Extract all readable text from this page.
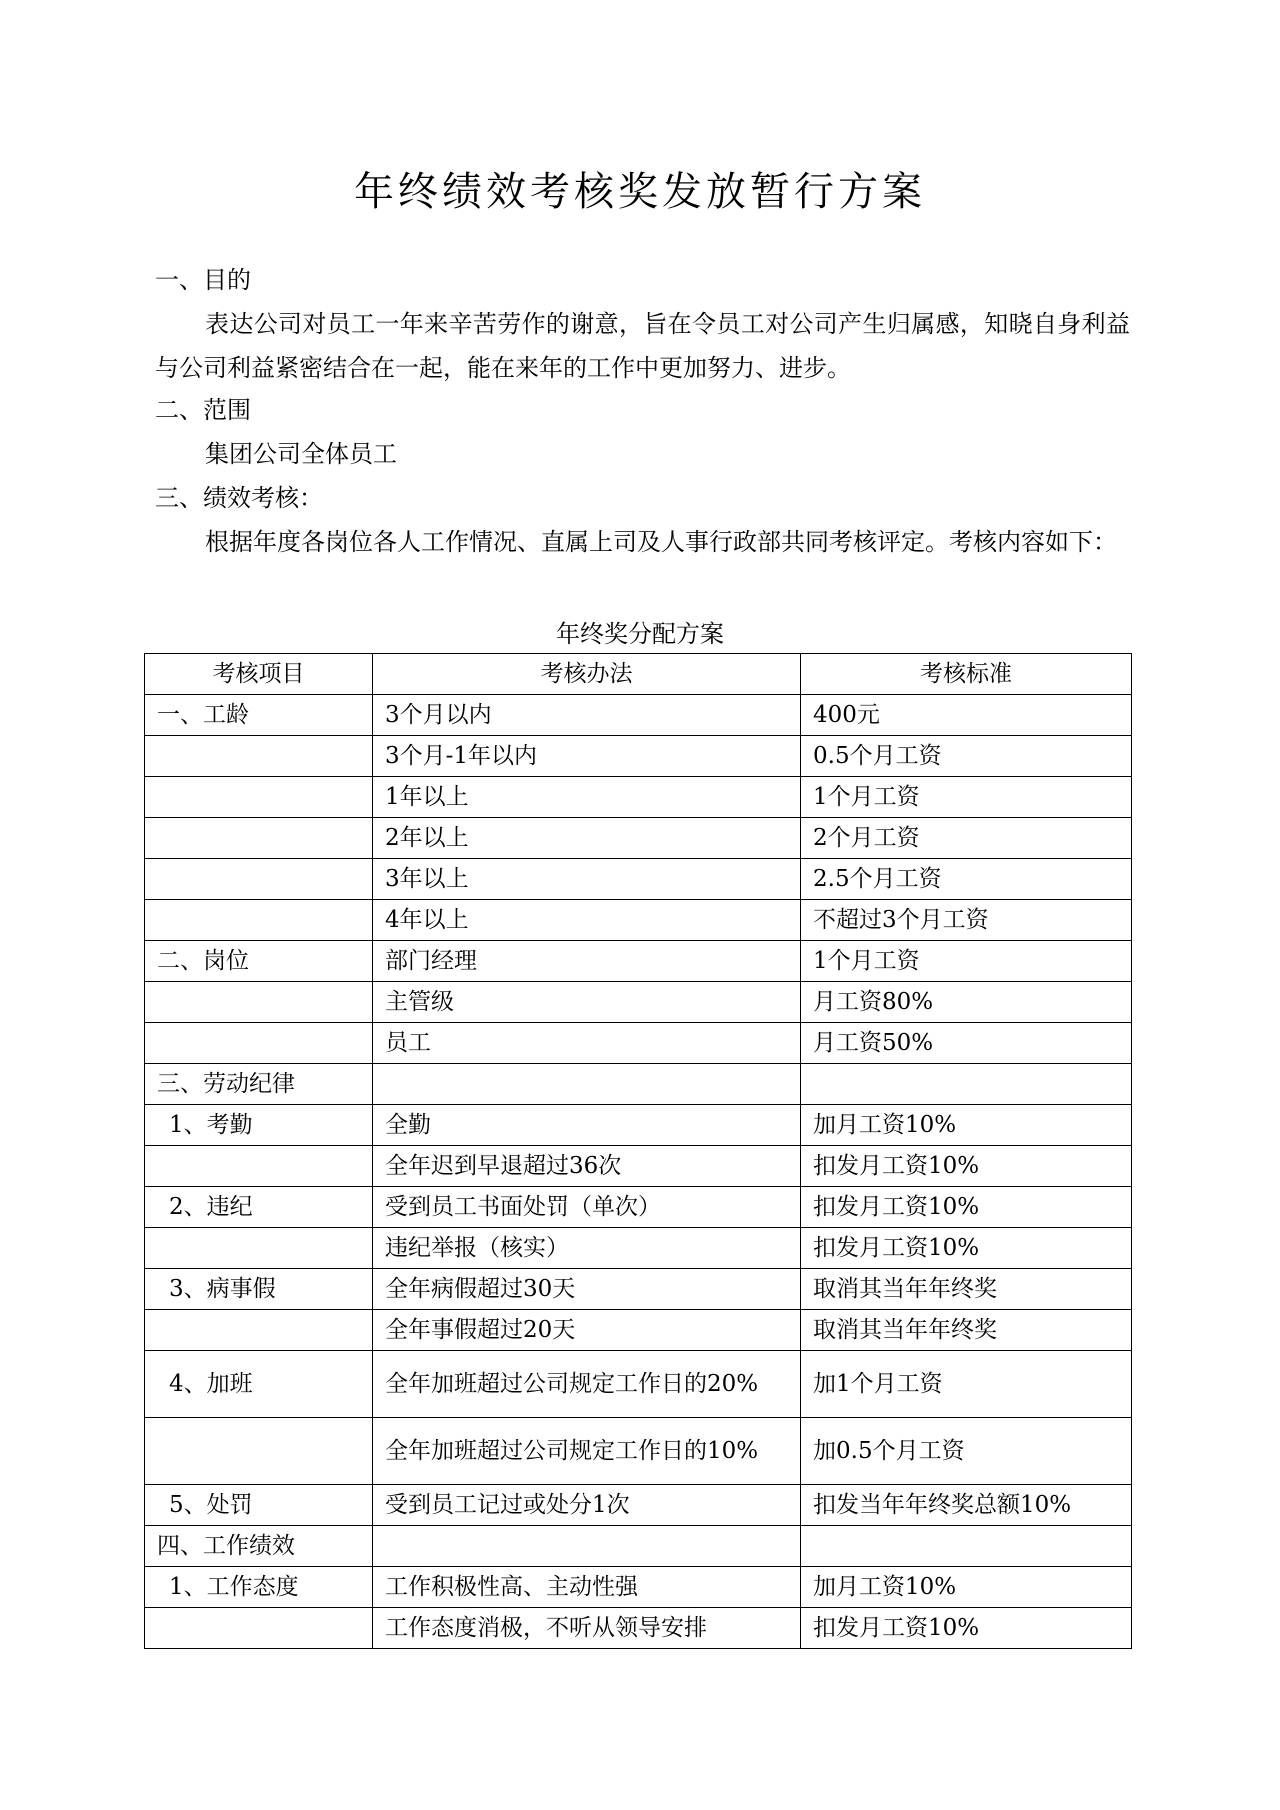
年终绩效考核奖发放暂行方案
一、目的
表达公司对员工一年来辛苦劳作的谢意，旨在令员工对公司产生归属感，知晓自身利益与公司利益紧密结合在一起，能在来年的工作中更加努力、进步。
二、范围
集团公司全体员工
三、绩效考核：
根据年度各岗位各人工作情况、直属上司及人事行政部共同考核评定。考核内容如下：
年终奖分配方案
考核项目	考核办法	考核标准
一、工龄	3个月以内	400元
	3个月-1年以内	0.5个月工资
	1年以上	1个月工资
	2年以上	2个月工资
	3年以上	2.5个月工资
	4年以上	不超过3个月工资
二、岗位	部门经理	1个月工资
	主管级	月工资80%
	员工	月工资50%
三、劳动纪律		
1、考勤	全勤	加月工资10%
	全年迟到早退超过36次	扣发月工资10%
2、违纪	受到员工书面处罚（单次）	扣发月工资10%
	违纪举报（核实）	扣发月工资10%
3、病事假	全年病假超过30天	取消其当年年终奖
	全年事假超过20天	取消其当年年终奖
4、加班	全年加班超过公司规定工作日的20%	加1个月工资
	全年加班超过公司规定工作日的10%	加0.5个月工资
5、处罚	受到员工记过或处分1次	扣发当年年终奖总额10%
四、工作绩效		
1、工作态度	工作积极性高、主动性强	加月工资10%
	工作态度消极，不听从领导安排	扣发月工资10%
